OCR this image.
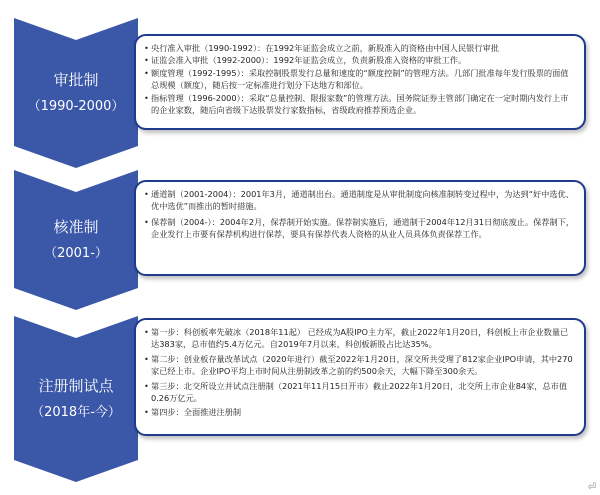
审批制
（1990-2000）
• 央行准入审批（1990-1992）：在1992年证监会成立之前，新股准入的资格由中国人民银行审批
• 证监会准入审批（1992-2000）：1992年证监会成立，负责新股准入资格的审批工作。
• 额度管理（1992-1995）：采取控制股票发行总量和速度的“额度控制”的管理方法。几部门批准每年发行股票的面值总规模（额度），随后按一定标准进行划分下达地方和部位。
• 指标管理（1996-2000）：采取“总量控制、限报家数”的管理方法。国务院证券主管部门确定在一定时期内发行上市的企业家数，随后向省级下达股票发行家数指标，省级政府推荐预选企业。
核准制
（2001-）
• 通道制（2001-2004）：2001年3月，通道制出台。通道制度是从审批制度向核准制转变过程中，为达到“好中选优、优中选优”而推出的暂时措施。
• 保荐制（2004-）：2004年2月，保荐制开始实施。保荐制实施后，通道制于2004年12月31日彻底废止。保荐制下，企业发行上市要有保荐机构进行保荐，要具有保荐代表人资格的从业人员具体负责保荐工作。
注册制试点
（2018年-今）
• 第一步：科创板率先破冰（2018年11起） 已经成为A股IPO主力军，截止2022年1月20日，科创板上市企业数量已达383家，总市值约5.4万亿元。自2019年7月以来，科创板新股占比达35%。
• 第二步：创业板存量改革试点（2020年进行）截至2022年1月20日，深交所共受理了812家企业IPO申请，其中270家已经上市。企业IPO平均上市时间从注册制改革之前的约500余天，大幅下降至300余天。
• 第三步：北交所设立并试点注册制（2021年11月15日开市）截止2022年1月20日，北交所上市企业84家，总市值0.26万亿元。
• 第四步：全面推进注册制
⏎
